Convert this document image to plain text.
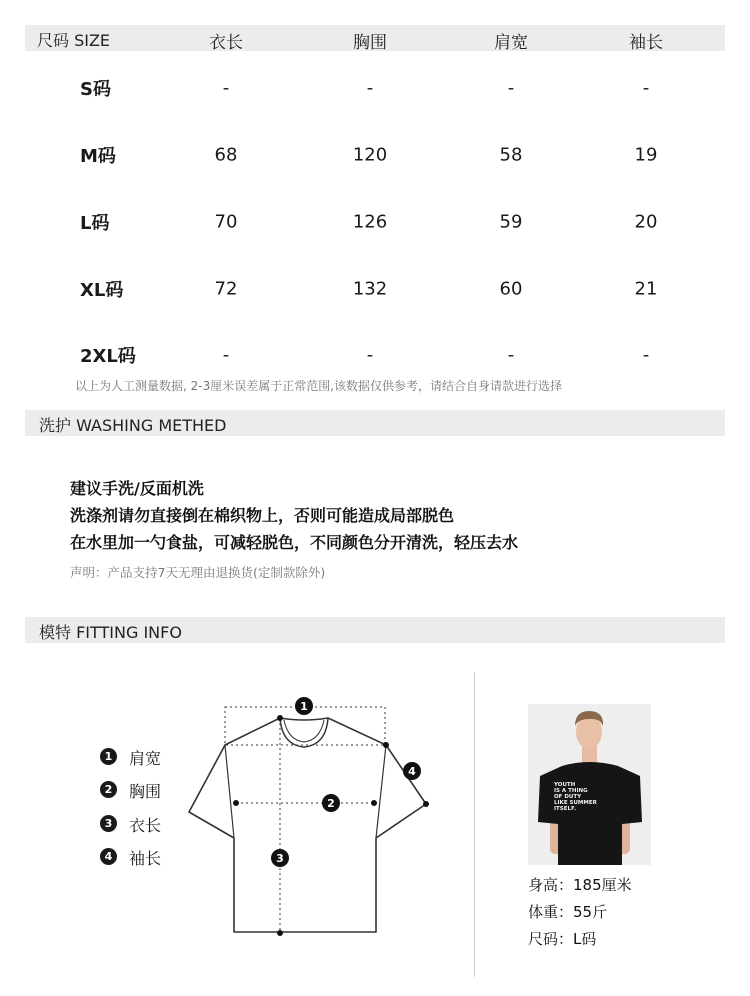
尺码 SIZE	衣长	胸围	肩宽	袖长
S码	-	-	-	-
M码	68	120	58	19
L码	70	126	59	20
XL码	72	132	60	21
2XL码	-	-	-	-
以上为人工测量数据, 2-3厘米误差属于正常范围,该数据仅供参考，请结合自身请款进行选择
洗护 WASHING METHED
建议手洗/反面机洗
洗涤剂请勿直接倒在棉织物上，否则可能造成局部脱色
在水里加一勺食盐，可减轻脱色，不同颜色分开清洗，轻压去水
声明：产品支持7天无理由退换货(定制款除外)
模特 FITTING INFO
1 肩宽
2 胸围
3 衣长
4 袖长
1
2
3
4
YOUTH
IS A THING
OF DUTY
LIKE SUMMER
ITSELF.
身高：185厘米
体重：55斤
尺码：L码
